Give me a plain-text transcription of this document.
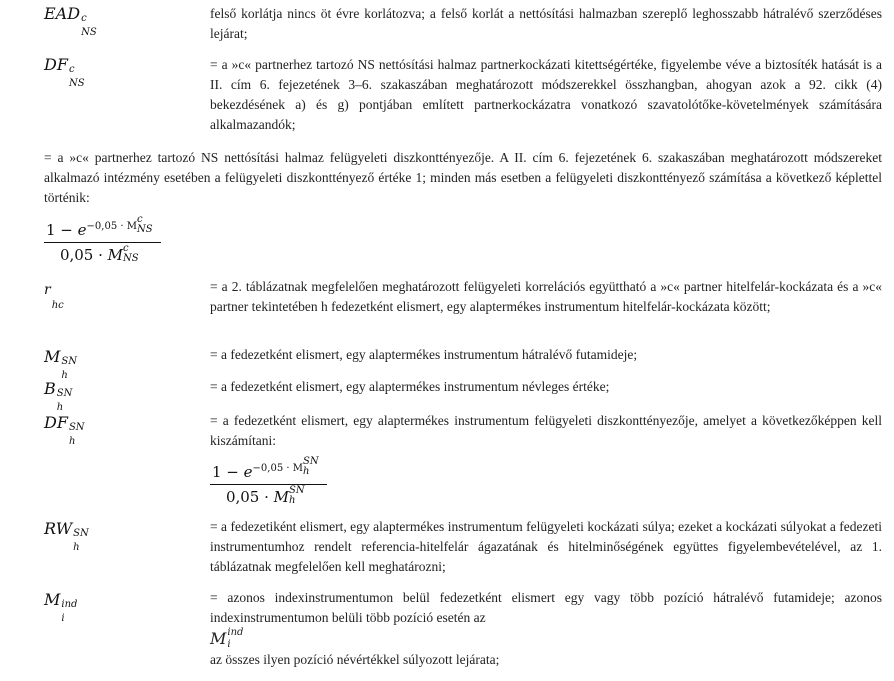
EAD c
NS
felső korlátja nincs öt évre korlátozva; a felső korlát a nettósítási halmazban szereplő leghosszabb hátralévő szerződéses lejárat;
DF c
NS
= a »c« partnerhez tartozó NS nettósítási halmaz partnerkockázati kitettségértéke, figyelembe véve a biztosíték hatását is a II. cím 6. fejezetének 3–6. szakaszában meghatározott módszerekkel összhangban, ahogyan azok a 92. cikk (4) bekezdésének a) és g) pontjában említett partnerkockázatra vonatkozó szavatolótőke-követelmények számítására alkalmazandók;
= a »c« partnerhez tartozó NS nettósítási halmaz felügyeleti diszkonttényezője. A II. cím 6. fejezetének 6. szakaszában meghatározott módszereket alkalmazó intézmény esetében a felügyeleti diszkonttényező értéke 1; minden más esetben a felügyeleti diszkonttényező számítása a következő képlettel történik:
$1 - e^{-0,05 \cdot M c NS}$
0,05 · M c
NS
r
hc
= a 2. táblázatnak megfelelően meghatározott felügyeleti korrelációs együttható a »c« partner hitelfelár-kockázata és a »c« partner tekintetében h fedezetként elismert, egy alaptermékes instrumentum hitelfelár-kockázata között;
M SN
h
= a fedezetként elismert, egy alaptermékes instrumentum hátralévő futamideje;
B SN
h
= a fedezetként elismert, egy alaptermékes instrumentum névleges értéke;
DF SN
h
= a fedezetként elismert, egy alaptermékes instrumentum felügyeleti diszkonttényezője, amelyet a következőképpen kell kiszámítani:
$1 - e^{-0,05 \cdot M SN h}$
0,05 · M SN
h
RW SN
h
= a fedezetiként elismert, egy alaptermékes instrumentum felügyeleti kockázati súlya; ezeket a kockázati súlyokat a fedezeti instrumentumhoz rendelt referencia-hitelfelár ágazatának és hitelminőségének együttes figyelembevételével, az 1. táblázatnak megfelelően kell meghatározni;
M ind
i
= azonos indexinstrumentumon belül fedezetként elismert egy vagy több pozíció hátralévő futamideje; azonos indexinstrumentumon belüli több pozíció esetén az
M ind
i
az összes ilyen pozíció névértékkel súlyozott lejárata;
